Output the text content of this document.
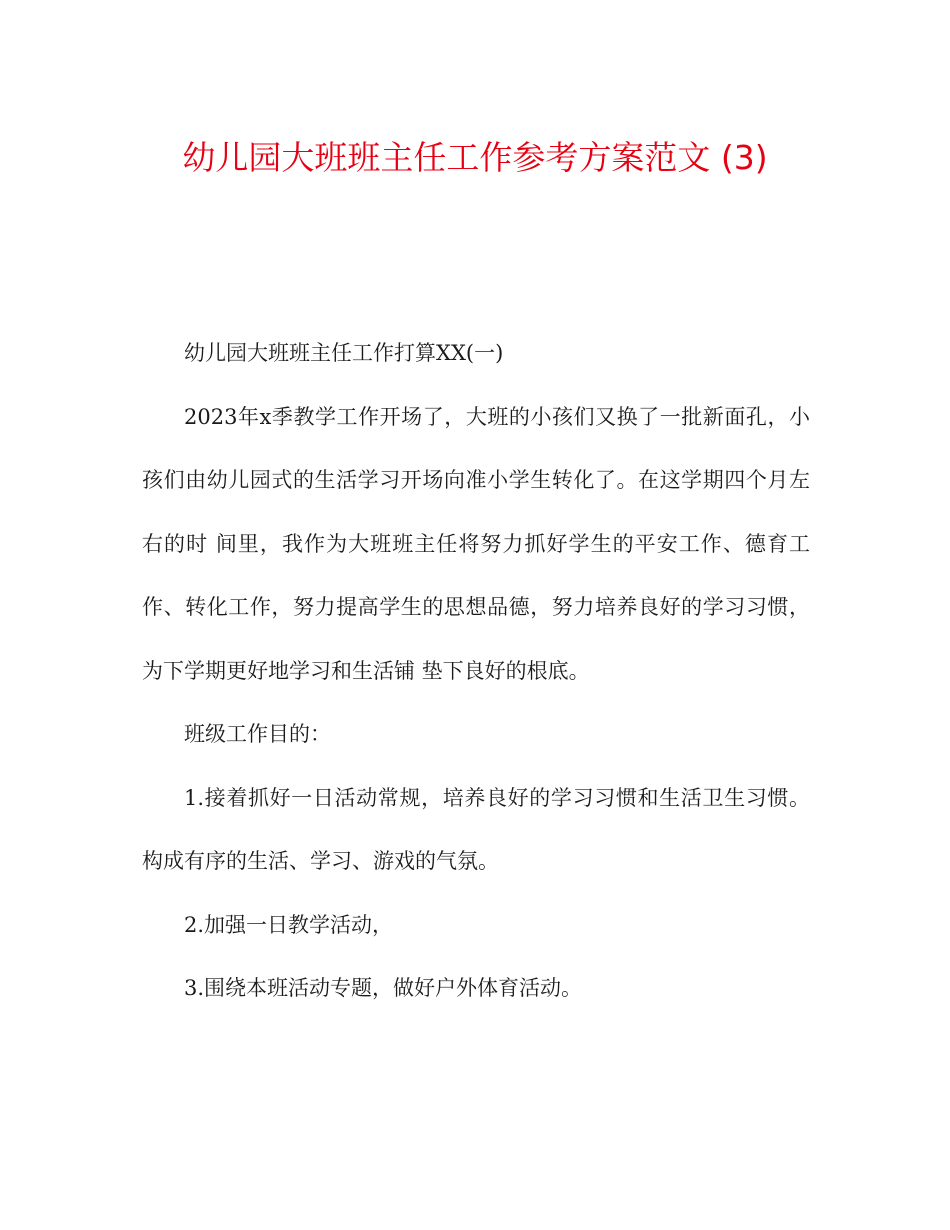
幼儿园大班班主任工作参考方案范文 (3)

幼儿园大班班主任工作打算XX(一)

2023年x季教学工作开场了，大班的小孩们又换了一批新面孔，小孩们由幼儿园式的生活学习开场向准小学生转化了。在这学期四个月左右的时 间里，我作为大班班主任将努力抓好学生的平安工作、德育工作、转化工作，努力提高学生的思想品德，努力培养良好的学习习惯，为下学期更好地学习和生活铺 垫下良好的根底。

班级工作目的：

1.接着抓好一日活动常规，培养良好的学习习惯和生活卫生习惯。构成有序的生活、学习、游戏的气氛。

2.加强一日教学活动，

3.围绕本班活动专题，做好户外体育活动。
